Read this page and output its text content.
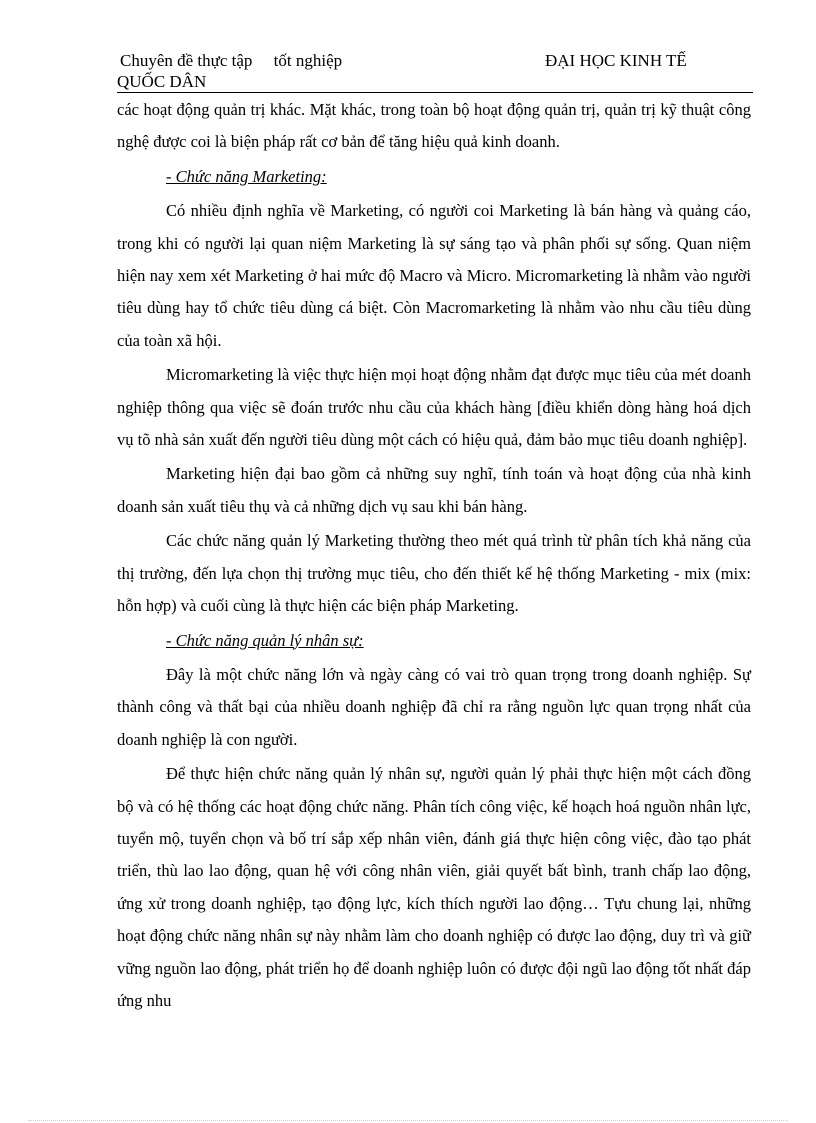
Chuyên đề thực tập     tốt nghiệp	ĐẠI HỌC KINH TẾ
QUỐC DÂN

các hoạt động quản trị khác. Mặt khác, trong toàn bộ hoạt động quản trị, quản trị kỹ thuật công nghệ được coi là biện pháp rất cơ bản để tăng hiệu quả kinh doanh.

- Chức năng Marketing:

Có nhiều định nghĩa về Marketing, có người coi Marketing là bán hàng và quảng cáo, trong khi có người lại quan niệm Marketing là sự sáng tạo và phân phối sự sống. Quan niệm hiện nay xem xét Marketing ở hai mức độ Macro và Micro. Micromarketing là nhằm vào người tiêu dùng hay tổ chức tiêu dùng cá biệt. Còn Macromarketing là nhằm vào nhu cầu tiêu dùng của toàn xã hội.

Micromarketing là việc thực hiện mọi hoạt động nhằm đạt được mục tiêu của mét doanh nghiệp thông qua việc sẽ đoán trước nhu cầu của khách hàng [điều khiển dòng hàng hoá dịch vụ tõ nhà sản xuất đến người tiêu dùng một cách có hiệu quả, đảm bảo mục tiêu doanh nghiệp].

Marketing hiện đại bao gồm cả những suy nghĩ, tính toán và hoạt động của nhà kinh doanh sản xuất tiêu thụ và cả những dịch vụ sau khi bán hàng.

Các chức năng quản lý Marketing thường theo mét quá trình từ phân tích khả năng của thị trường, đến lựa chọn thị trường mục tiêu, cho đến thiết kế hệ thống Marketing - mix (mix: hỗn hợp) và cuối cùng là thực hiện các biện pháp Marketing.

- Chức năng quản lý nhân sự:

Đây là một chức năng lớn và ngày càng có vai trò quan trọng trong doanh nghiệp. Sự thành công và thất bại của nhiều doanh nghiệp đã chỉ ra rằng nguồn lực quan trọng nhất của doanh nghiệp là con người.

Để thực hiện chức năng quản lý nhân sự, người quản lý phải thực hiện một cách đồng bộ và có hệ thống các hoạt động chức năng. Phân tích công việc, kế hoạch hoá nguồn nhân lực, tuyển mộ, tuyển chọn và bố trí sắp xếp nhân viên, đánh giá thực hiện công việc, đào tạo phát triển, thù lao lao động, quan hệ với công nhân viên, giải quyết bất bình, tranh chấp lao động, ứng xử trong doanh nghiệp, tạo động lực, kích thích người lao động… Tựu chung lại, những hoạt động chức năng nhân sự này nhằm làm cho doanh nghiệp có được lao động, duy trì và giữ vững nguồn lao động, phát triển họ để doanh nghiệp luôn có được đội ngũ lao động tốt nhất đáp ứng nhu
